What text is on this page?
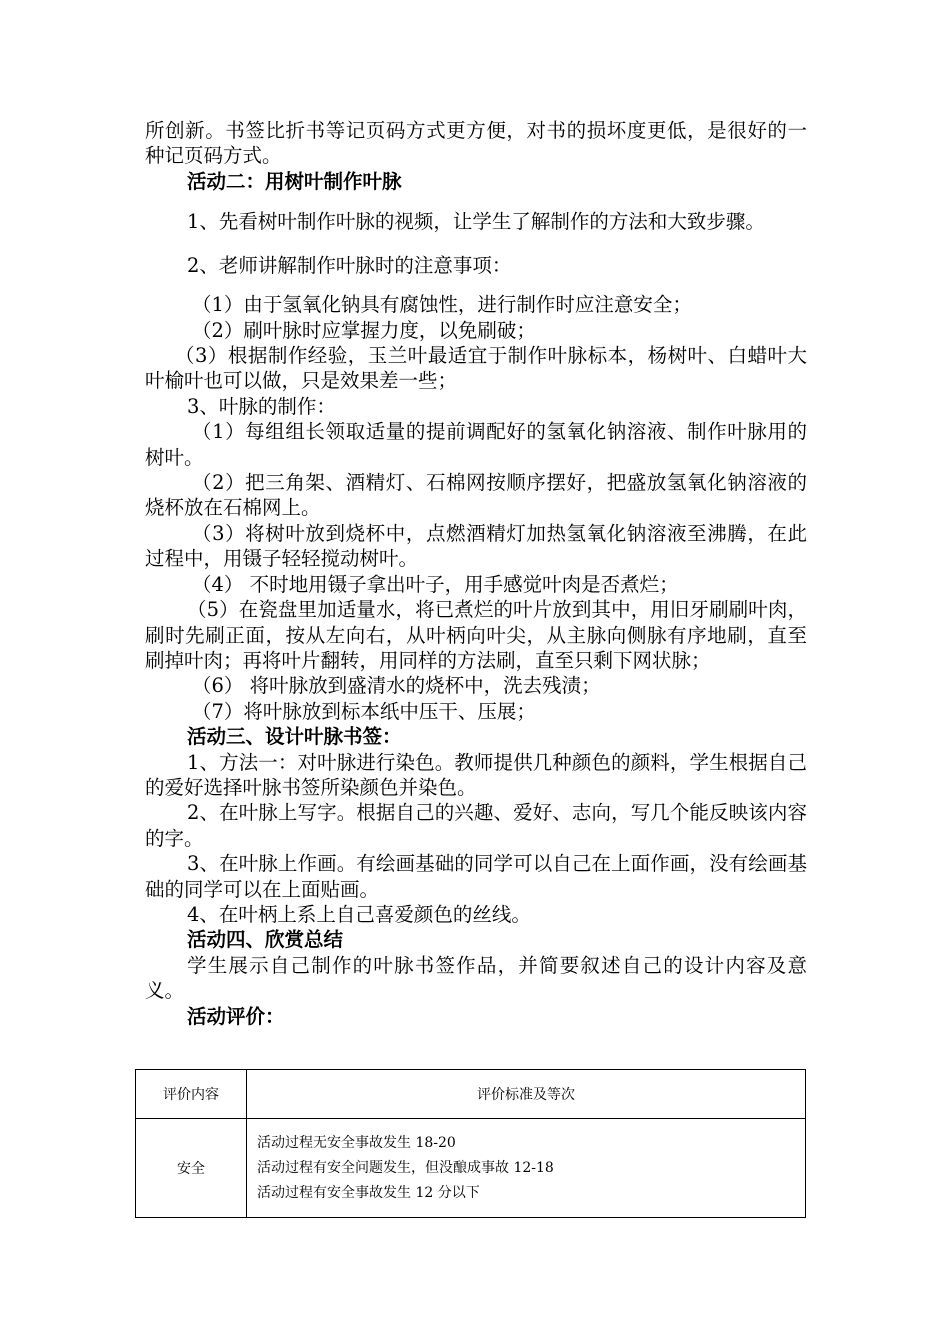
所创新。书签比折书等记页码方式更方便，对书的损坏度更低，是很好的一种记页码方式。

活动二：用树叶制作叶脉

1、先看树叶制作叶脉的视频，让学生了解制作的方法和大致步骤。

2、老师讲解制作叶脉时的注意事项：

（1）由于氢氧化钠具有腐蚀性，进行制作时应注意安全；

（2）刷叶脉时应掌握力度，以免刷破；

（3）根据制作经验，玉兰叶最适宜于制作叶脉标本，杨树叶、白蜡叶大叶榆叶也可以做，只是效果差一些；

3、叶脉的制作：

（1）每组组长领取适量的提前调配好的氢氧化钠溶液、制作叶脉用的树叶。

（2）把三角架、酒精灯、石棉网按顺序摆好，把盛放氢氧化钠溶液的烧杯放在石棉网上。

（3）将树叶放到烧杯中，点燃酒精灯加热氢氧化钠溶液至沸腾，在此过程中，用镊子轻轻搅动树叶。

（4） 不时地用镊子拿出叶子，用手感觉叶肉是否煮烂；

（5）在瓷盘里加适量水，将已煮烂的叶片放到其中，用旧牙刷刷叶肉，刷时先刷正面，按从左向右，从叶柄向叶尖，从主脉向侧脉有序地刷，直至刷掉叶肉；再将叶片翻转，用同样的方法刷，直至只剩下网状脉；

（6） 将叶脉放到盛清水的烧杯中，洗去残渍；

（7）将叶脉放到标本纸中压干、压展；

活动三、设计叶脉书签：

1、方法一：对叶脉进行染色。教师提供几种颜色的颜料，学生根据自己的爱好选择叶脉书签所染颜色并染色。

2、在叶脉上写字。根据自己的兴趣、爱好、志向，写几个能反映该内容的字。

3、在叶脉上作画。有绘画基础的同学可以自己在上面作画，没有绘画基础的同学可以在上面贴画。

4、在叶柄上系上自己喜爱颜色的丝线。

活动四、欣赏总结

学生展示自己制作的叶脉书签作品，并简要叙述自己的设计内容及意义。

活动评价：

评价内容	评价标准及等次
安全	活动过程无安全事故发生 18-20
活动过程有安全问题发生，但没酿成事故 12-18
活动过程有安全事故发生 12 分以下
